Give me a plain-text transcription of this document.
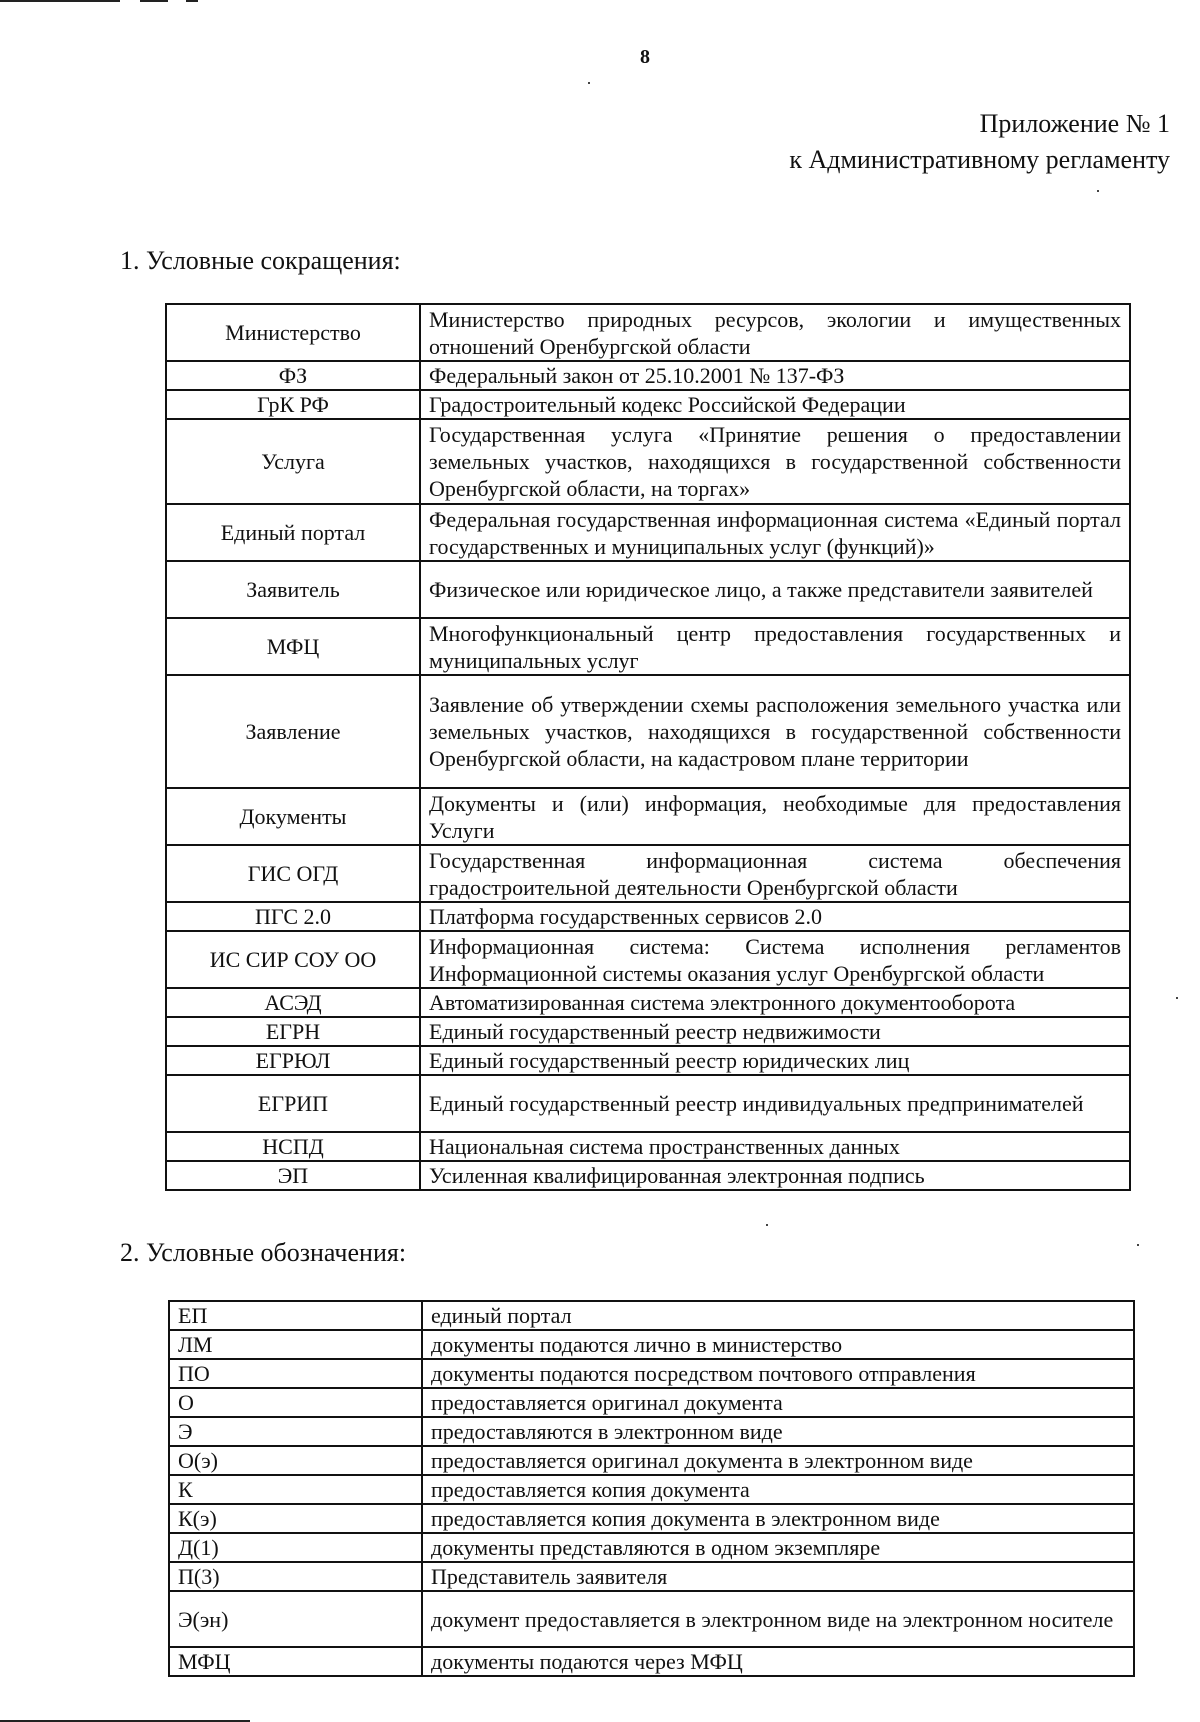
8
Приложение № 1
к Административному регламенту
1. Условные сокращения:
Министерство	Министерство природных ресурсов, экологии и имущественных отношений Оренбургской области
ФЗ	Федеральный закон от 25.10.2001 № 137-ФЗ
ГрК РФ	Градостроительный кодекс Российской Федерации
Услуга	Государственная услуга «Принятие решения о предоставлении земельных участков, находящихся в государственной собственности Оренбургской области, на торгах»
Единый портал	Федеральная государственная информационная система «Единый портал государственных и муниципальных услуг (функций)»
Заявитель	Физическое или юридическое лицо, а также представители заявителей
МФЦ	Многофункциональный центр предоставления государственных и муниципальных услуг
Заявление	Заявление об утверждении схемы расположения земельного участка или земельных участков, находящихся в государственной собственности Оренбургской области, на кадастровом плане территории
Документы	Документы и (или) информация, необходимые для предоставления Услуги
ГИС ОГД	Государственная информационная система обеспечения градостроительной деятельности Оренбургской области
ПГС 2.0	Платформа государственных сервисов 2.0
ИС СИР СОУ ОО	Информационная система: Система исполнения регламентов Информационной системы оказания услуг Оренбургской области
АСЭД	Автоматизированная система электронного документооборота
ЕГРН	Единый государственный реестр недвижимости
ЕГРЮЛ	Единый государственный реестр юридических лиц
ЕГРИП	Единый государственный реестр индивидуальных предпринимателей
НСПД	Национальная система пространственных данных
ЭП	Усиленная квалифицированная электронная подпись
2. Условные обозначения:
ЕП	единый портал
ЛМ	документы подаются лично в министерство
ПО	документы подаются посредством почтового отправления
О	предоставляется оригинал документа
Э	предоставляются в электронном виде
О(э)	предоставляется оригинал документа в электронном виде
К	предоставляется копия документа
К(э)	предоставляется копия документа в электронном виде
Д(1)	документы представляются в одном экземпляре
П(3)	Представитель заявителя
Э(эн)	документ предоставляется в электронном виде на электронном носителе
МФЦ	документы подаются через МФЦ
